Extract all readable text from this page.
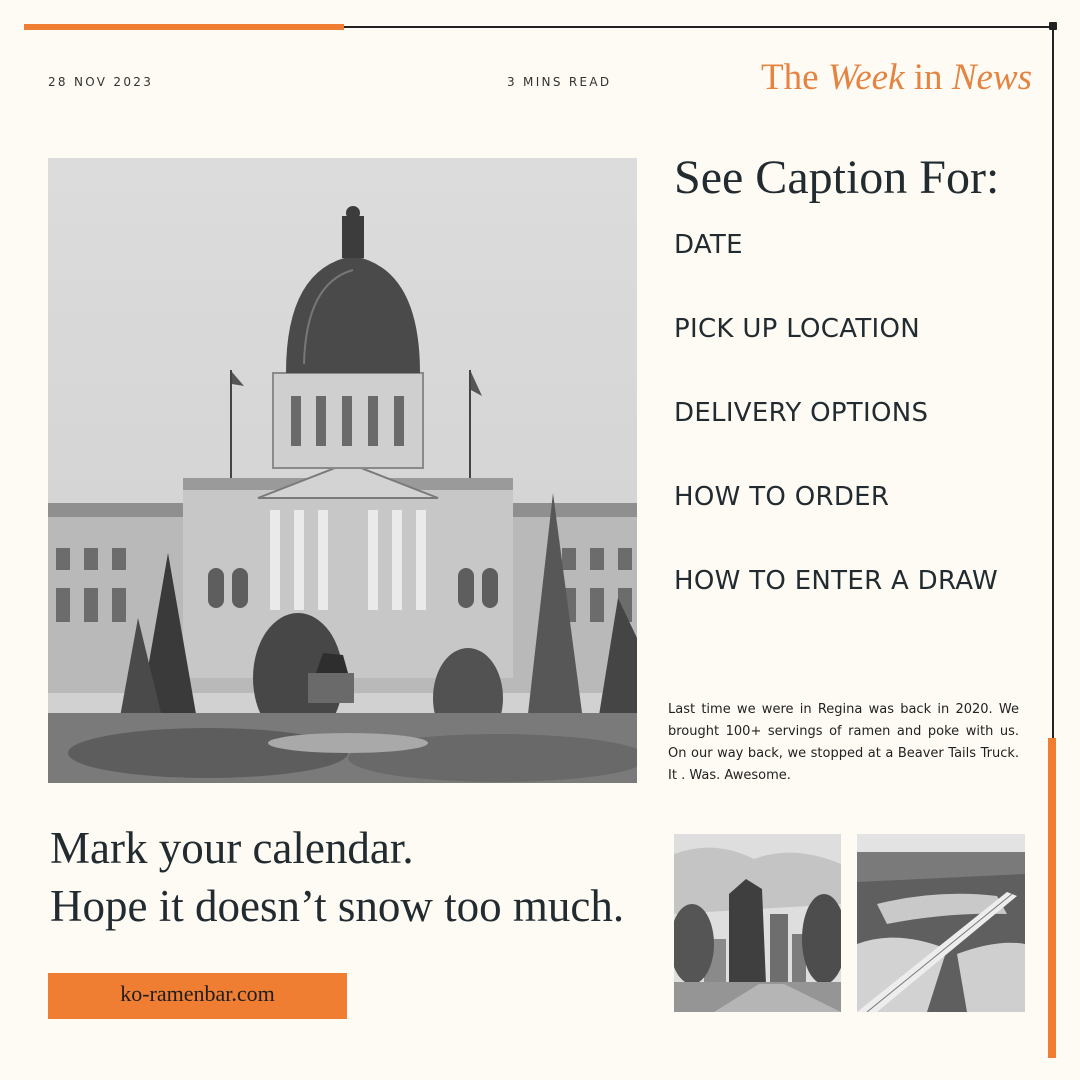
28 NOV 2023	3 MINS READ	The Week in News
See Caption For:
DATE
PICK UP LOCATION
DELIVERY OPTIONS
HOW TO ORDER
HOW TO ENTER A DRAW

Last time we were in Regina was back in 2020. We brought 100+ servings of ramen and poke with us. On our way back, we stopped at a Beaver Tails Truck. It . Was. Awesome.

Mark your calendar.
Hope it doesn’t snow too much.
ko-ramenbar.com
